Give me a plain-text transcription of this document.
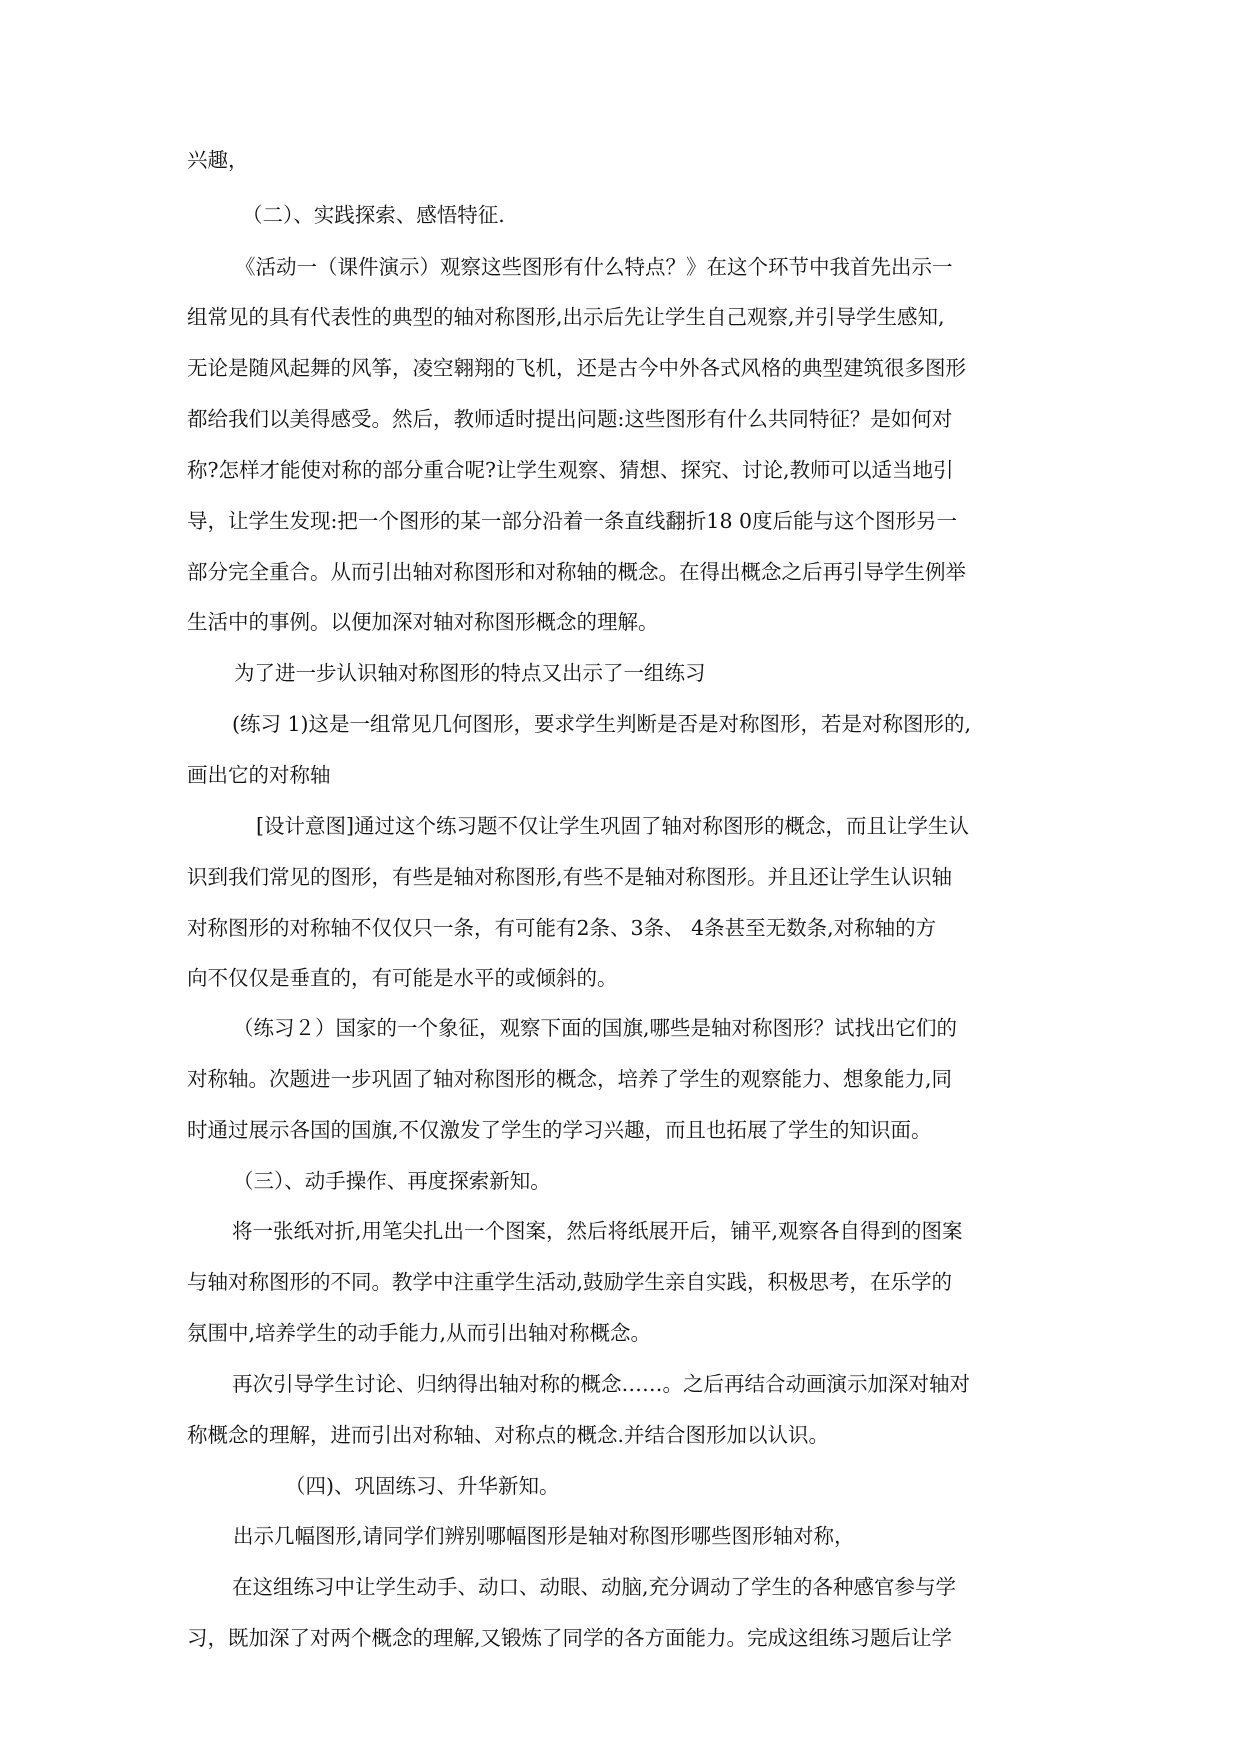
兴趣，
（二）、实践探索、感悟特征.
《活动一（课件演示）观察这些图形有什么特点？》在这个环节中我首先出示一
组常见的具有代表性的典型的轴对称图形,出示后先让学生自己观察,并引导学生感知,
无论是随风起舞的风筝，凌空翱翔的飞机，还是古今中外各式风格的典型建筑很多图形
都给我们以美得感受。然后，教师适时提出问题:这些图形有什么共同特征？是如何对
称?怎样才能使对称的部分重合呢?让学生观察、猜想、探究、讨论,教师可以适当地引
导，让学生发现:把一个图形的某一部分沿着一条直线翻折18 0度后能与这个图形另一
部分完全重合。从而引出轴对称图形和对称轴的概念。在得出概念之后再引导学生例举
生活中的事例。以便加深对轴对称图形概念的理解。
为了进一步认识轴对称图形的特点又出示了一组练习
(练习 1)这是一组常见几何图形，要求学生判断是否是对称图形，若是对称图形的,
画出它的对称轴
[设计意图]通过这个练习题不仅让学生巩固了轴对称图形的概念，而且让学生认
识到我们常见的图形，有些是轴对称图形,有些不是轴对称图形。并且还让学生认识轴
对称图形的对称轴不仅仅只一条，有可能有2条、3条、 4条甚至无数条,对称轴的方
向不仅仅是垂直的，有可能是水平的或倾斜的。
（练习２）国家的一个象征，观察下面的国旗,哪些是轴对称图形？试找出它们的
对称轴。次题进一步巩固了轴对称图形的概念，培养了学生的观察能力、想象能力,同
时通过展示各国的国旗,不仅激发了学生的学习兴趣，而且也拓展了学生的知识面。
（三）、动手操作、再度探索新知。
将一张纸对折,用笔尖扎出一个图案，然后将纸展开后，铺平,观察各自得到的图案
与轴对称图形的不同。教学中注重学生活动,鼓励学生亲自实践，积极思考，在乐学的
氛围中,培养学生的动手能力,从而引出轴对称概念。
再次引导学生讨论、归纳得出轴对称的概念……。之后再结合动画演示加深对轴对
称概念的理解，进而引出对称轴、对称点的概念.并结合图形加以认识。
（四)、巩固练习、升华新知。
出示几幅图形,请同学们辨别哪幅图形是轴对称图形哪些图形轴对称，
在这组练习中让学生动手、动口、动眼、动脑,充分调动了学生的各种感官参与学
习，既加深了对两个概念的理解,又锻炼了同学的各方面能力。完成这组练习题后让学
